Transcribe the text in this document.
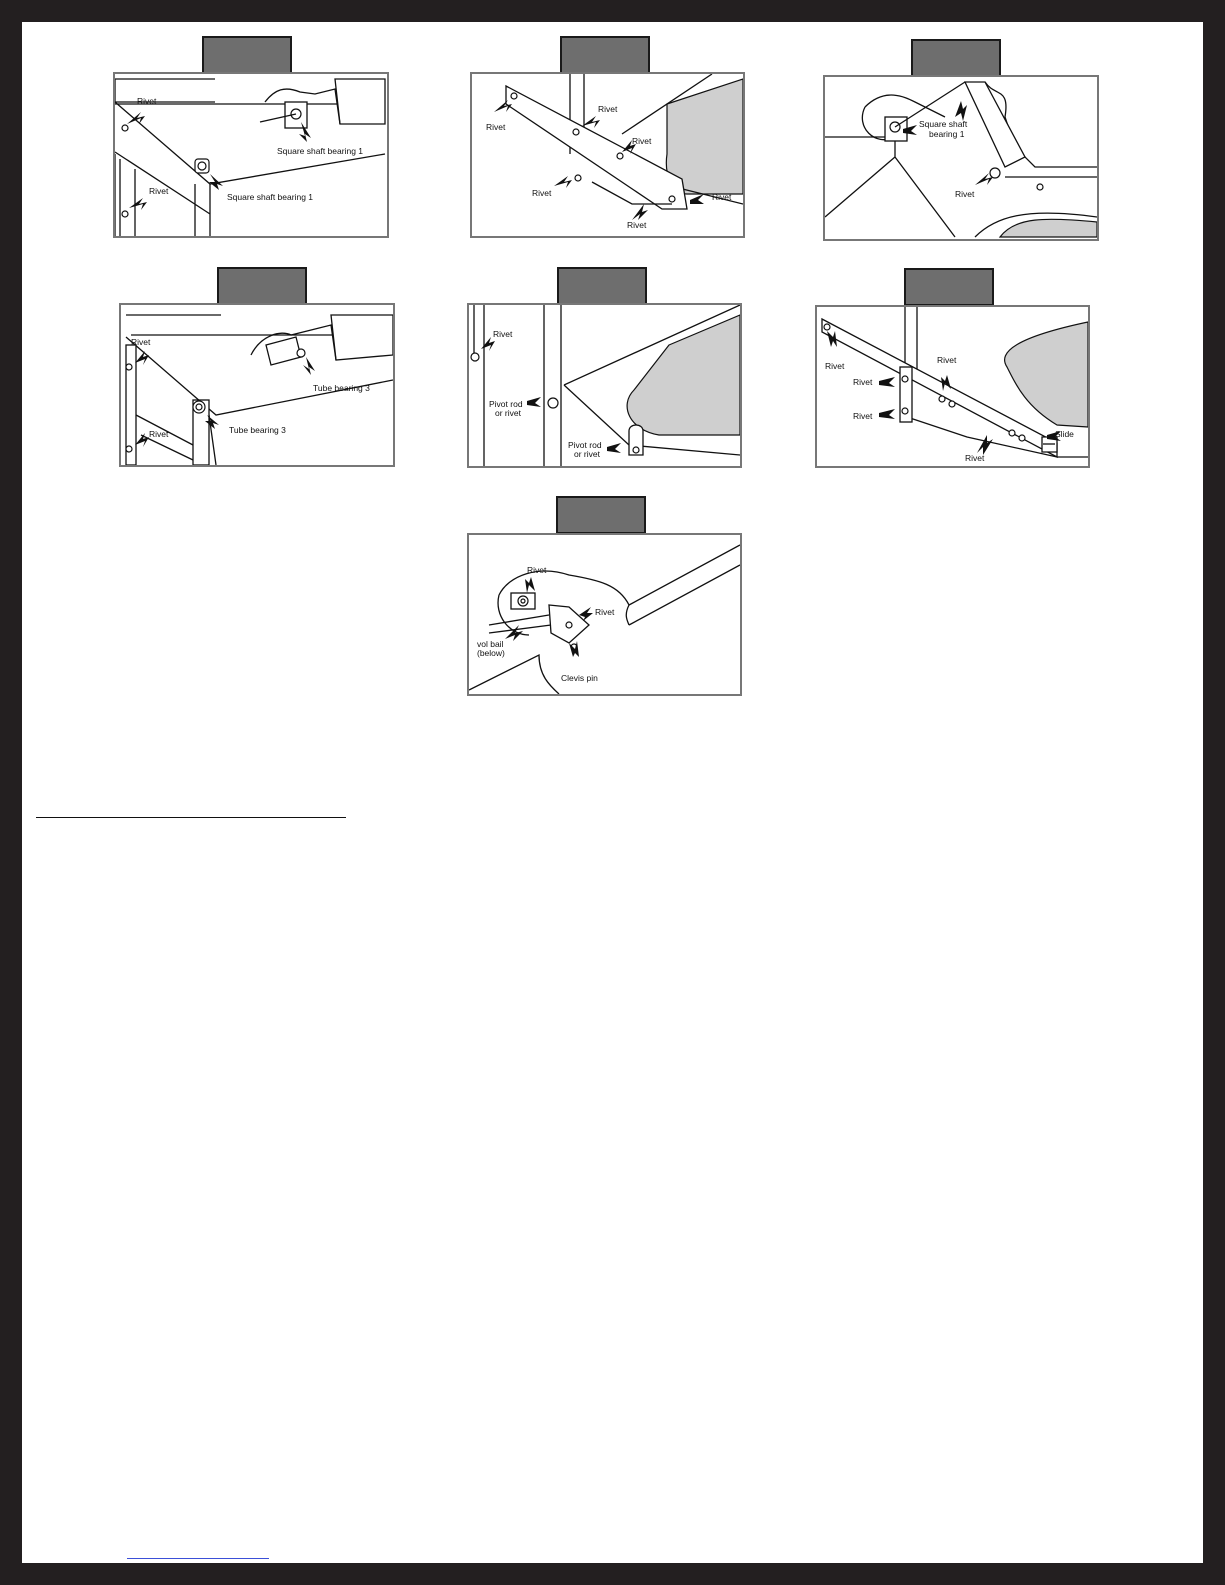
Rivet
Rivet
Square shaft bearing 1
Square shaft bearing 1
Rivet
Rivet
Rivet
Rivet	Rivet
Rivet
Square shaft
bearing 1
Rivet
Rivet
Rivet
Tube bearing 3
Tube bearing 3
Rivet
Pivot rod
or rivet
Pivot rod
or rivet
Rivet
Rivet
Rivet
Rivet
Rivet
Slide
Rivet
Rivet
vol bail
(below)
Clevis pin
